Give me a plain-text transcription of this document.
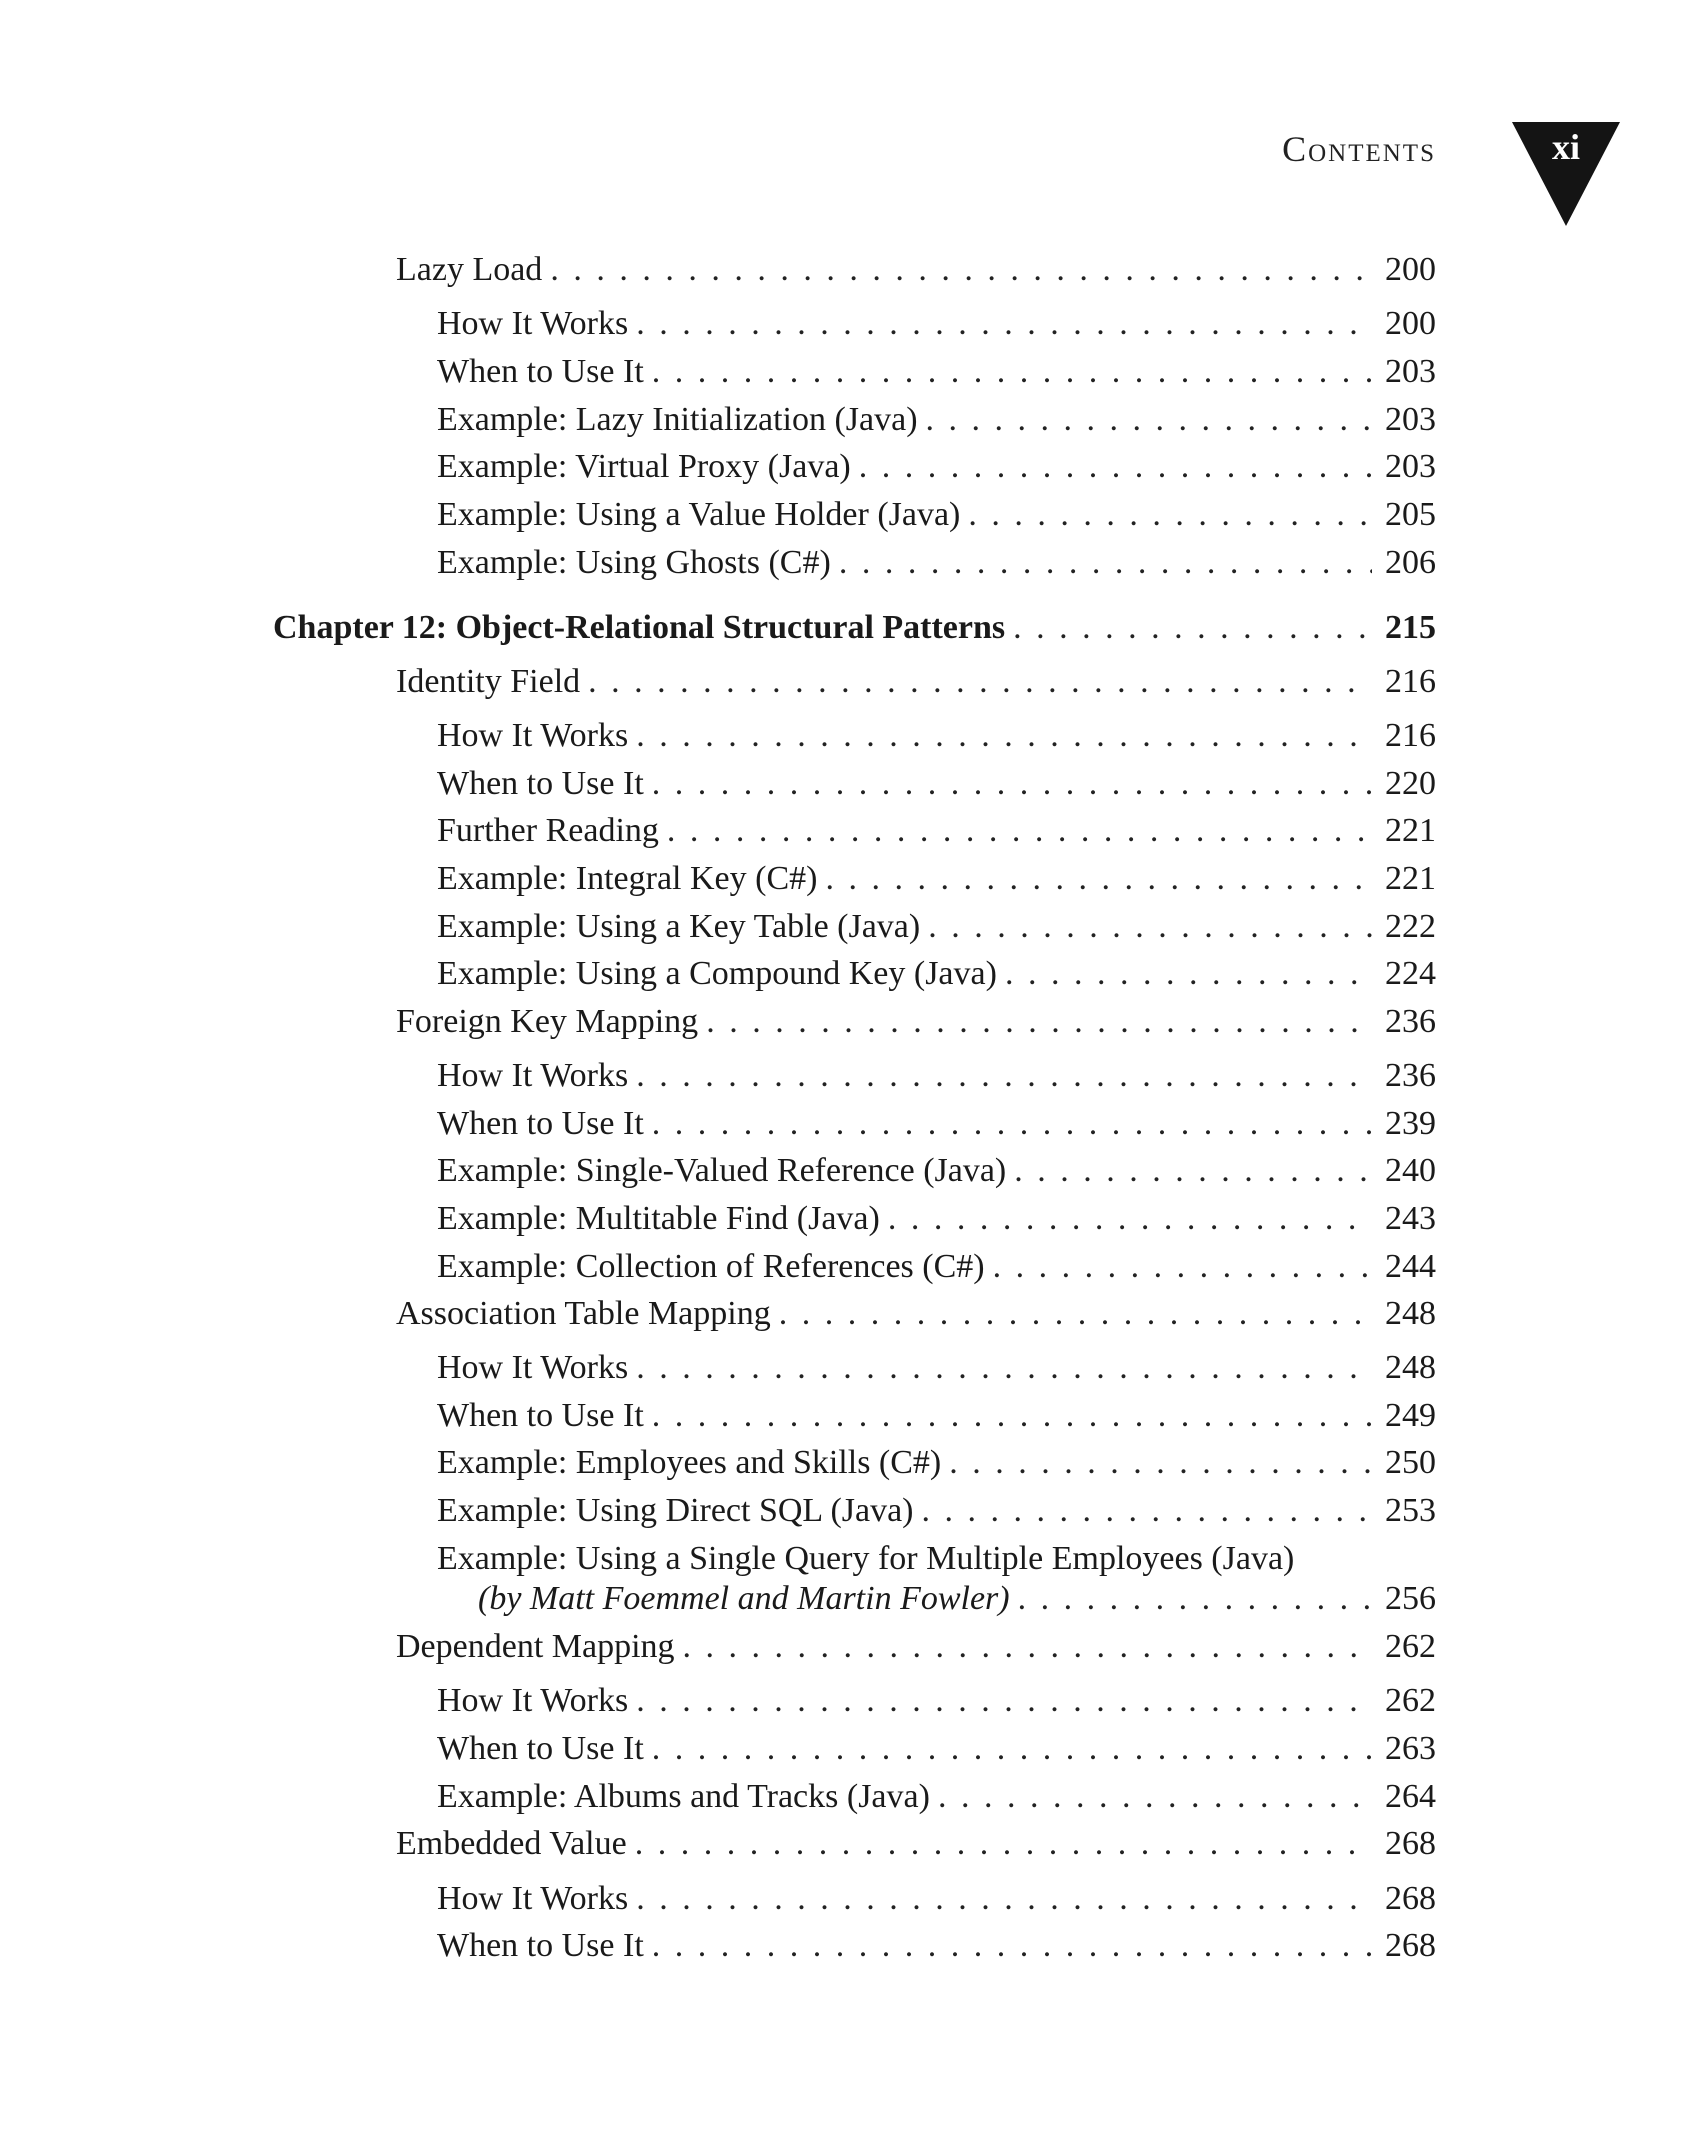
Contents	xi
Lazy Load . . .	200
How It Works . . .	200
When to Use It . . .	203
Example: Lazy Initialization (Java) . . .	203
Example: Virtual Proxy (Java) . . .	203
Example: Using a Value Holder (Java) . . .	205
Example: Using Ghosts (C#) . . .	206
Chapter 12: Object-Relational Structural Patterns . . .	215
Identity Field . . .	216
How It Works . . .	216
When to Use It . . .	220
Further Reading . . .	221
Example: Integral Key (C#) . . .	221
Example: Using a Key Table (Java) . . .	222
Example: Using a Compound Key (Java) . . .	224
Foreign Key Mapping . . .	236
How It Works . . .	236
When to Use It . . .	239
Example: Single-Valued Reference (Java) . . .	240
Example: Multitable Find (Java) . . .	243
Example: Collection of References (C#) . . .	244
Association Table Mapping . . .	248
How It Works . . .	248
When to Use It . . .	249
Example: Employees and Skills (C#) . . .	250
Example: Using Direct SQL (Java) . . .	253
Example: Using a Single Query for Multiple Employees (Java)
(by Matt Foemmel and Martin Fowler) . . .	256
Dependent Mapping . . .	262
How It Works . . .	262
When to Use It . . .	263
Example: Albums and Tracks (Java) . . .	264
Embedded Value . . .	268
How It Works . . .	268
When to Use It . . .	268
